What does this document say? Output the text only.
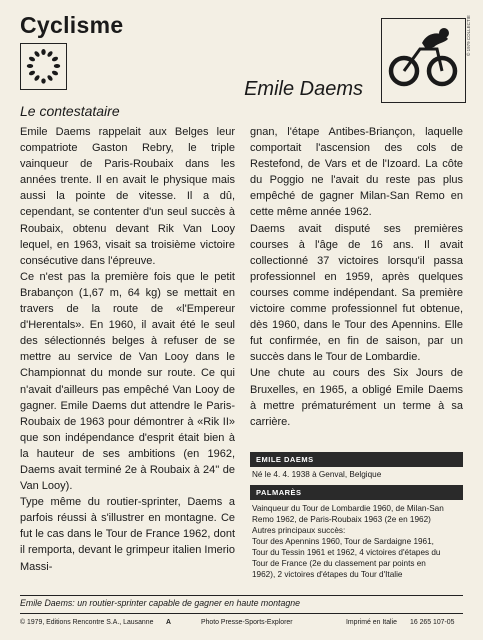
Cyclisme	© 1979 COLLECTIE
Emile Daems
Le contestataire

Emile Daems rappelait aux Belges leur compatriote Gaston Rebry, le triple vainqueur de Paris-Roubaix dans les années trente. Il en avait le physique mais aussi la pointe de vitesse. Il a dû, cependant, se contenter d'un seul succès à Roubaix, obtenu devant Rik Van Looy lequel, en 1963, visait sa troisième victoire consécutive dans l'épreuve.

Ce n'est pas la première fois que le petit Brabançon (1,67 m, 64 kg) se mettait en travers de la route de «l'Empereur d'Herentals». En 1960, il avait été le seul des sélectionnés belges à refuser de se mettre au service de Van Looy dans le Championnat du monde sur route. Ce qui n'avait d'ailleurs pas empêché Van Looy de gagner. Emile Daems dut attendre le Paris-Roubaix de 1963 pour démontrer à «Rik II» que son indépendance d'esprit était bien à la hauteur de ses ambitions (en 1962, Daems avait terminé 2e à Roubaix à 24'' de Van Looy).

Type même du routier-sprinter, Daems a parfois réussi à s'illustrer en montagne. Ce fut le cas dans le Tour de France 1962, dont il remporta, devant le grimpeur italien Imerio Massi-

gnan, l'étape Antibes-Briançon, laquelle comportait l'ascension des cols de Restefond, de Vars et de l'Izoard. La côte du Poggio ne l'avait du reste pas plus empêché de gagner Milan-San Remo en cette même année 1962.

Daems avait disputé ses premières courses à l'âge de 16 ans. Il avait collectionné 37 victoires lorsqu'il passa professionnel en 1959, après quelques courses comme indépendant. Sa première victoire comme professionnel fut obtenue, dès 1960, dans le Tour des Apennins. Elle fut confirmée, en fin de saison, par un succès dans le Tour de Lombardie.

Une chute au cours des Six Jours de Bruxelles, en 1965, a obligé Emile Daems à mettre prématurément un terme à sa carrière.

EMILE DAEMS
Né le 4. 4. 1938 à Genval, Belgique
PALMARÈS
Vainqueur du Tour de Lombardie 1960, de Milan-San
Remo 1962, de Paris-Roubaix 1963 (2e en 1962)
Autres principaux succès:
Tour des Apennins 1960, Tour de Sardaigne 1961,
Tour du Tessin 1961 et 1962, 4 victoires d'étapes du
Tour de France (2e du classement par points en
1962), 2 victoires d'étapes du Tour d'Italie
Emile Daems: un routier-sprinter capable de gagner en haute montagne
© 1979, Editions Rencontre S.A., Lausanne A	Photo Presse-Sports-Explorer	Imprimé en Italie 16 265 107-05
